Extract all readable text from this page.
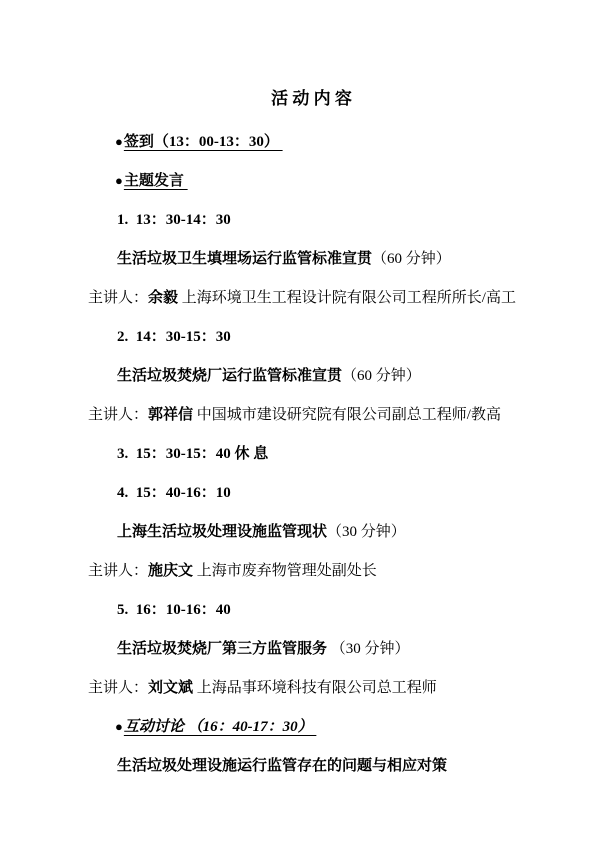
活 动 内 容
● 签到（13：00-13：30）
● 主题发言
1.  13：30-14：30
生活垃圾卫生填埋场运行监管标准宣贯 （60 分钟）
主讲人： 余毅 上海环境卫生工程设计院有限公司工程所所长/高工
2.  14：30-15：30
生活垃圾焚烧厂运行监管标准宣贯 （60 分钟）
主讲人： 郭祥信 中国城市建设研究院有限公司副总工程师/教高
3.  15：30-15：40 休 息
4.  15：40-16：10
上海生活垃圾处理设施监管现状 （30 分钟）
主讲人： 施庆文 上海市废弃物管理处副处长
5.  16：10-16：40
生活垃圾焚烧厂第三方监管服务 （30 分钟）
主讲人： 刘文斌 上海品事环境科技有限公司总工程师
● 互动讨论 （16：40-17：30）
生活垃圾处理设施运行监管存在的问题与相应对策
